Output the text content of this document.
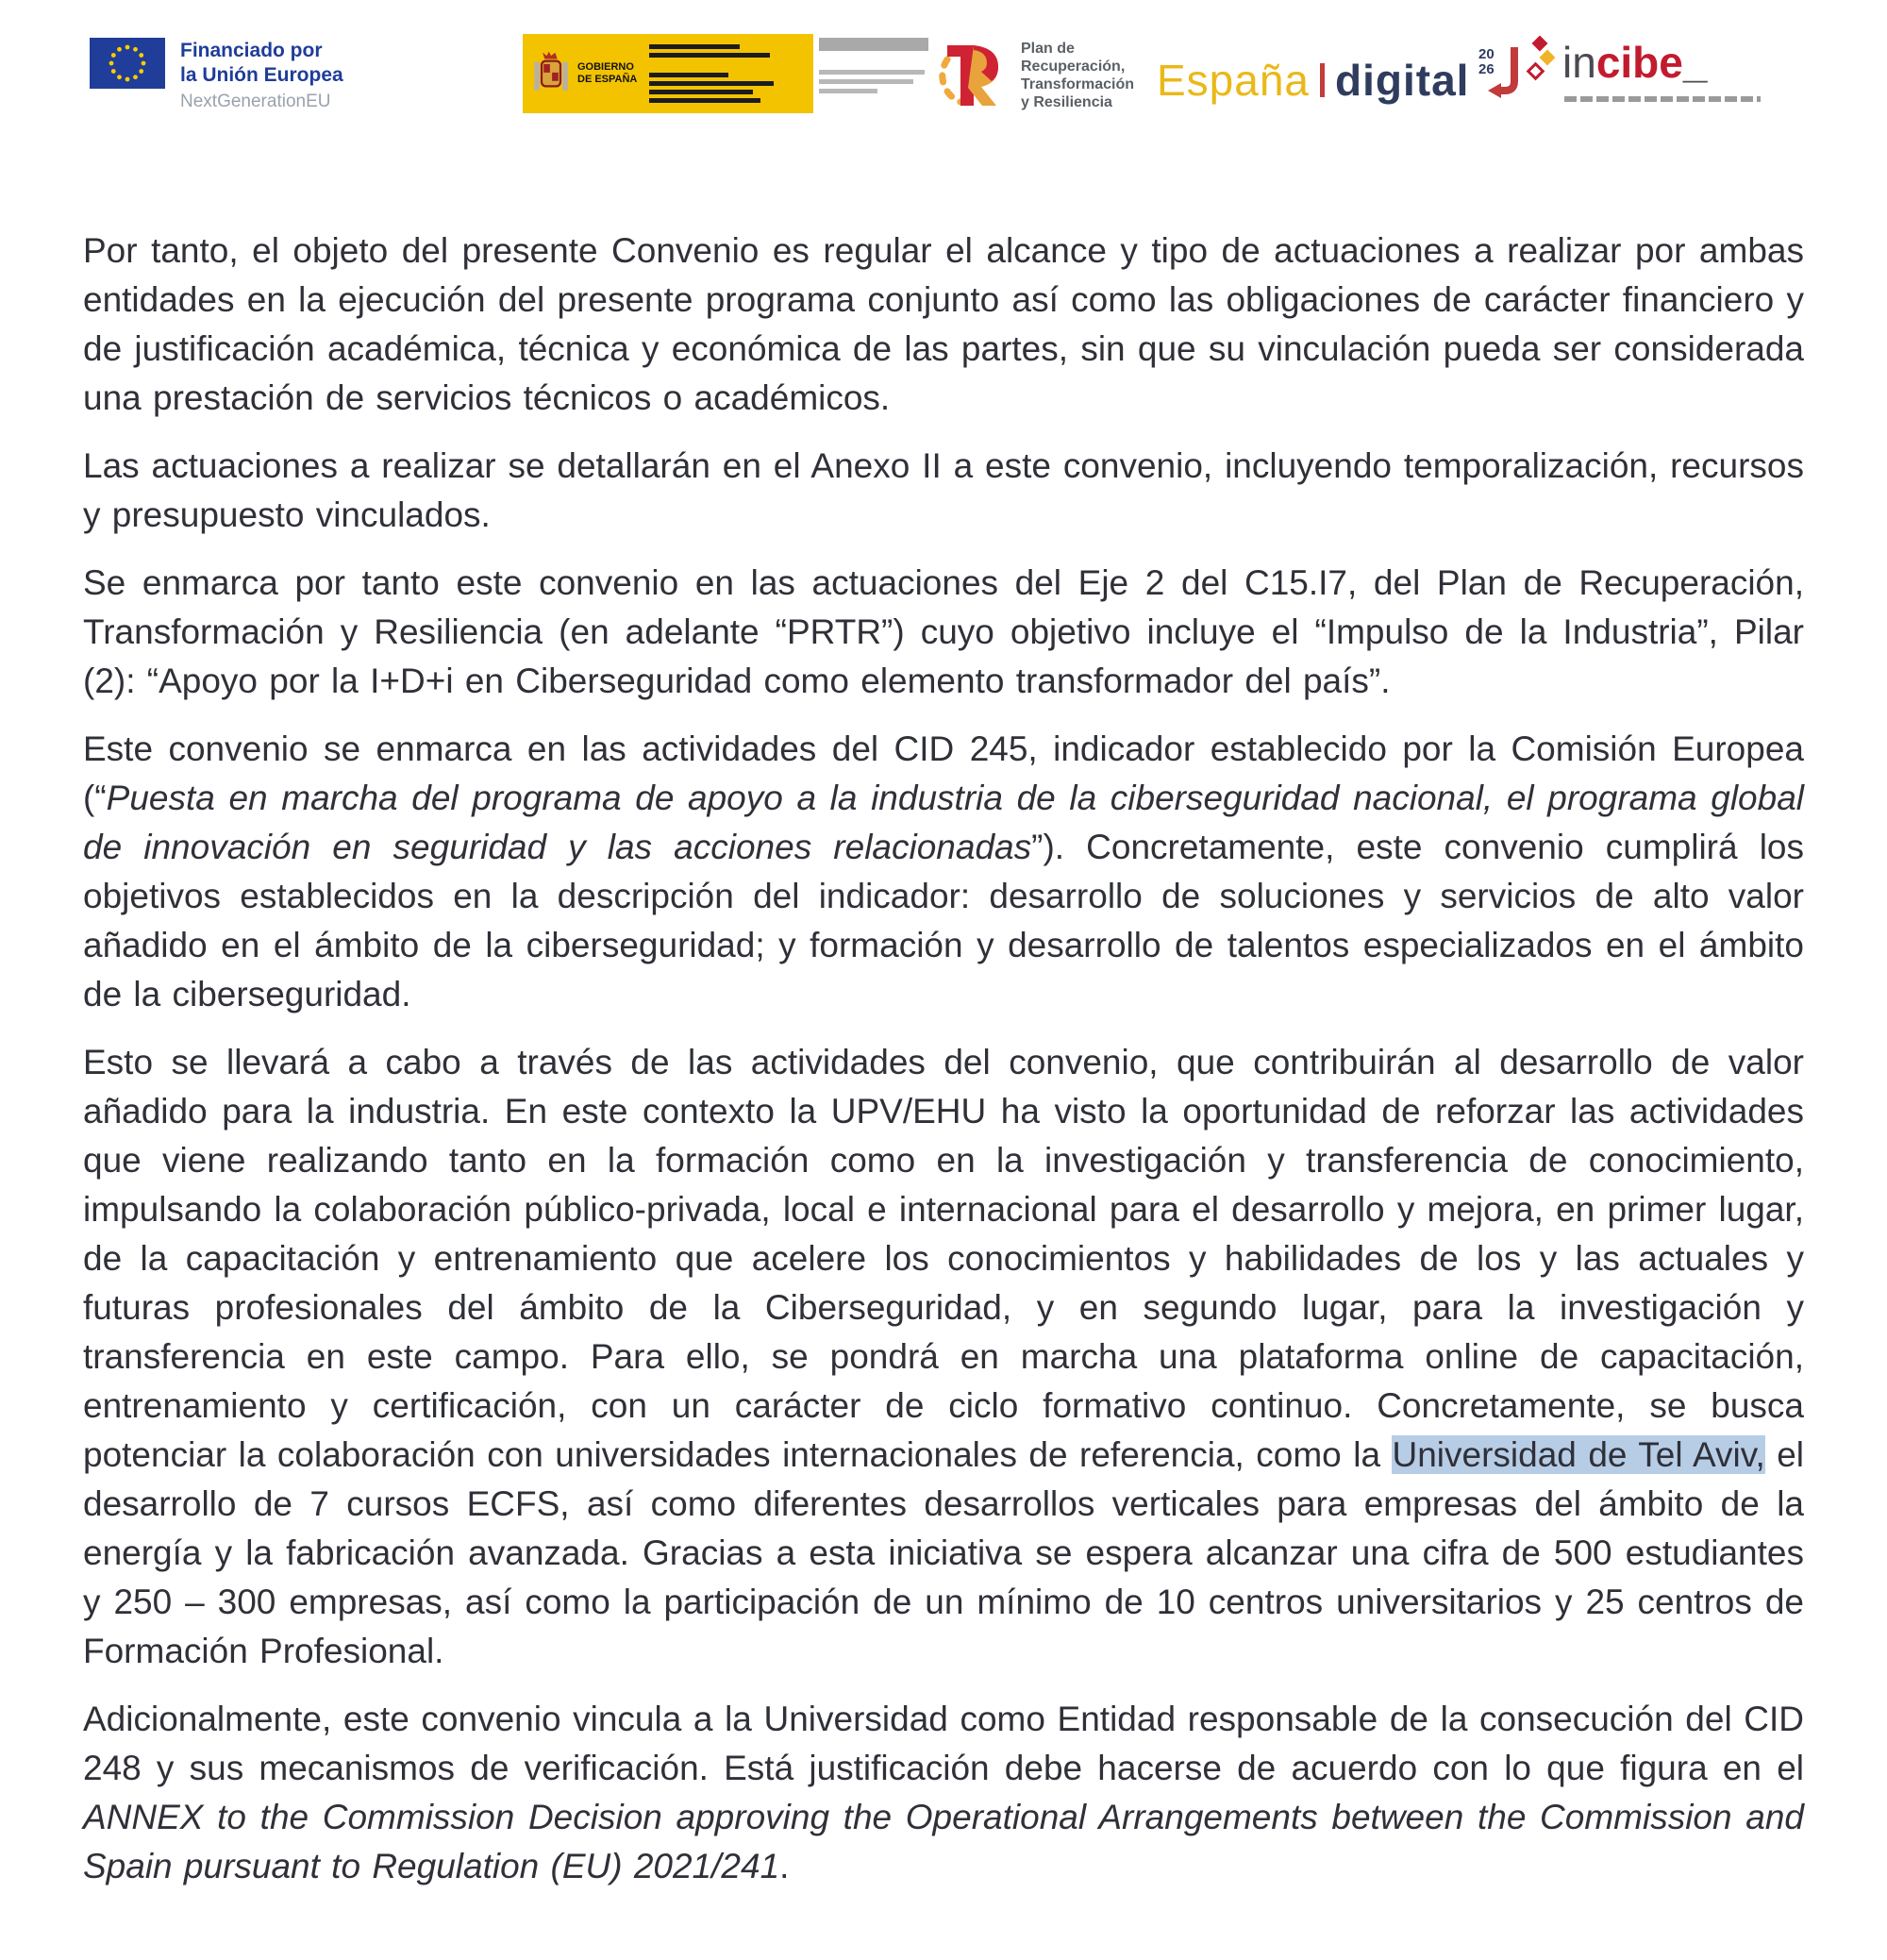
Financiado por
la Unión Europea
NextGenerationEU
GOBIERNO
DE ESPAÑA
Plan de
Recuperación,
Transformación
y Resiliencia	España digital
20
26 incibe_

Por tanto, el objeto del presente Convenio es regular el alcance y tipo de actuaciones a realizar por ambas entidades en la ejecución del presente programa conjunto así como las obligaciones de carácter financiero y de justificación académica, técnica y económica de las partes, sin que su vinculación pueda ser considerada una prestación de servicios técnicos o académicos.

Las actuaciones a realizar se detallarán en el Anexo II a este convenio, incluyendo temporalización, recursos y presupuesto vinculados.

Se enmarca por tanto este convenio en las actuaciones del Eje 2 del C15.I7, del Plan de Recuperación, Transformación y Resiliencia (en adelante “PRTR”) cuyo objetivo incluye el “Impulso de la Industria”, Pilar (2): “Apoyo por la I+D+i en Ciberseguridad como elemento transformador del país”.

Este convenio se enmarca en las actividades del CID 245, indicador establecido por la Comisión Europea (“Puesta en marcha del programa de apoyo a la industria de la ciberseguridad nacional, el programa global de innovación en seguridad y las acciones relacionadas”). Concretamente, este convenio cumplirá los objetivos establecidos en la descripción del indicador: desarrollo de soluciones y servicios de alto valor añadido en el ámbito de la ciberseguridad; y formación y desarrollo de talentos especializados en el ámbito de la ciberseguridad.

Esto se llevará a cabo a través de las actividades del convenio, que contribuirán al desarrollo de valor añadido para la industria. En este contexto la UPV/EHU ha visto la oportunidad de reforzar las actividades que viene realizando tanto en la formación como en la investigación y transferencia de conocimiento, impulsando la colaboración público-privada, local e internacional para el desarrollo y mejora, en primer lugar, de la capacitación y entrenamiento que acelere los conocimientos y habilidades de los y las actuales y futuras profesionales del ámbito de la Ciberseguridad, y en segundo lugar, para la investigación y transferencia en este campo. Para ello, se pondrá en marcha una plataforma online de capacitación, entrenamiento y certificación, con un carácter de ciclo formativo continuo. Concretamente, se busca potenciar la colaboración con universidades internacionales de referencia, como la Universidad de Tel Aviv, el desarrollo de 7 cursos ECFS, así como diferentes desarrollos verticales para empresas del ámbito de la energía y la fabricación avanzada. Gracias a esta iniciativa se espera alcanzar una cifra de 500 estudiantes y 250 – 300 empresas, así como la participación de un mínimo de 10 centros universitarios y 25 centros de Formación Profesional.

Adicionalmente, este convenio vincula a la Universidad como Entidad responsable de la consecución del CID 248 y sus mecanismos de verificación. Está justificación debe hacerse de acuerdo con lo que figura en el ANNEX to the Commission Decision approving the Operational Arrangements between the Commission and Spain pursuant to Regulation (EU) 2021/241.
